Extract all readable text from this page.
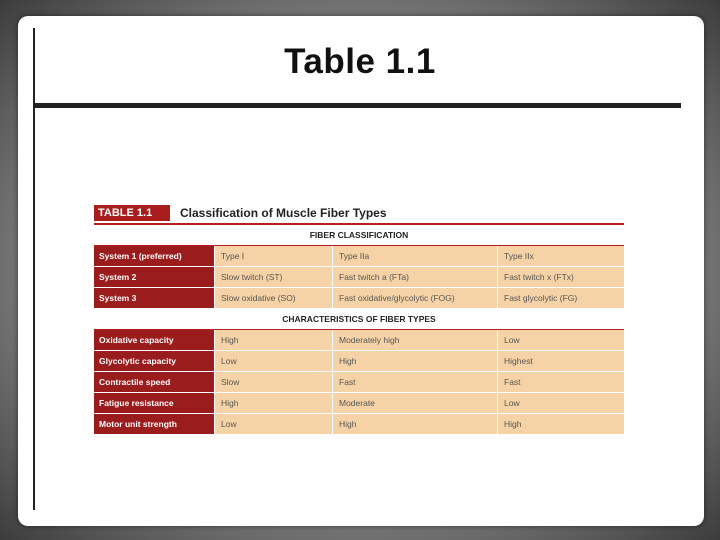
Table 1.1
TABLE 1.1	Classification of Muscle Fiber Types
FIBER CLASSIFICATION
System 1 (preferred)	Type I	Type IIa	Type IIx
System 2	Slow twitch (ST)	Fast twitch a (FTa)	Fast twitch x (FTx)
System 3	Slow oxidative (SO)	Fast oxidative/glycolytic (FOG)	Fast glycolytic (FG)
CHARACTERISTICS OF FIBER TYPES
Oxidative capacity	High	Moderately high	Low
Glycolytic capacity	Low	High	Highest
Contractile speed	Slow	Fast	Fast
Fatigue resistance	High	Moderate	Low
Motor unit strength	Low	High	High
